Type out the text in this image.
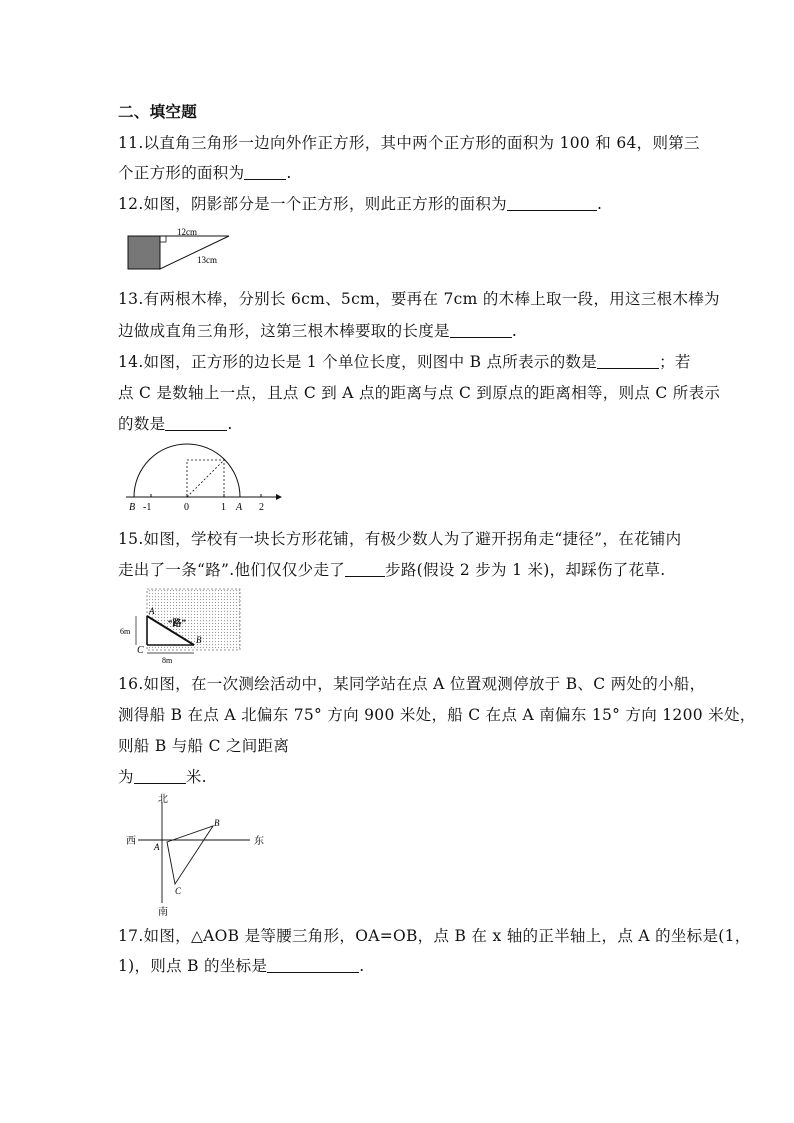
二、填空题
11.以直角三角形一边向外作正方形，其中两个正方形的面积为 100 和 64，则第三
个正方形的面积为	.
12.如图，阴影部分是一个正方形，则此正方形的面积为	.
12cm
13cm
13.有两根木棒，分别长 6cm、5cm，要再在 7cm 的木棒上取一段，用这三根木棒为
边做成直角三角形，这第三根木棒要取的长度是	.
14.如图，正方形的边长是 1 个单位长度，则图中 B 点所表示的数是	；若
点 C 是数轴上一点，且点 C 到 A 点的距离与点 C 到原点的距离相等，则点 C 所表示
的数是	.
B -1	0	1 A 2
15.如图，学校有一块长方形花铺，有极少数人为了避开拐角走“捷径”，在花铺内
走出了一条“路”.他们仅仅少走了	步路(假设 2 步为 1 米)，却踩伤了花草.
A
B
C
“路”
6m
8m
16.如图，在一次测绘活动中，某同学站在点 A 位置观测停放于 B、C 两处的小船，
测得船 B 在点 A 北偏东 75° 方向 900 米处，船 C 在点 A 南偏东 15° 方向 1200 米处，
则船 B 与船 C 之间距离
为	米.
北
南
西	东
A
B
C
17.如图，△AOB 是等腰三角形，OA=OB，点 B 在 x 轴的正半轴上，点 A 的坐标是(1，
1)，则点 B 的坐标是	.
